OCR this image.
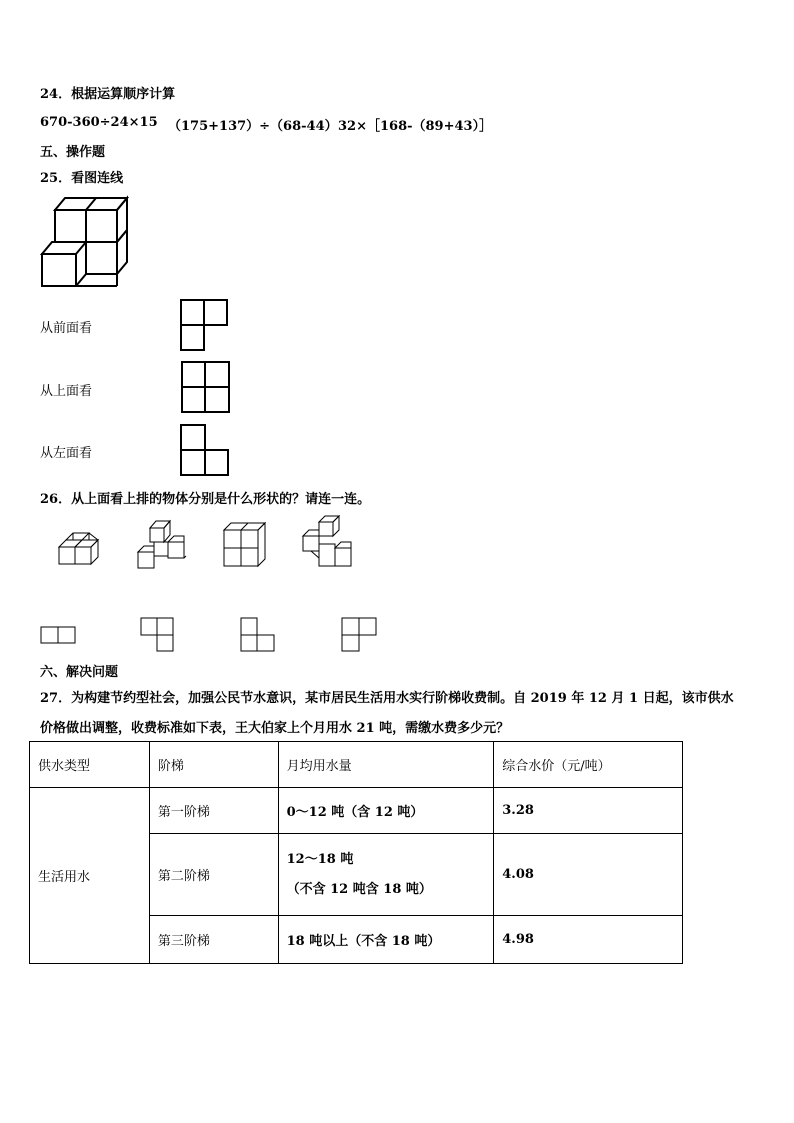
24．根据运算顺序计算
670-360÷24×15 （175+137）÷（68-44） 32×［168-（89+43）］
五、操作题
25．看图连线
从前面看
从上面看
从左面看
26．从上面看上排的物体分别是什么形状的？请连一连。
六、解决问题
27．为构建节约型社会，加强公民节水意识，某市居民生活用水实行阶梯收费制。自 2019 年 12 月 1 日起，该市供水
价格做出调整，收费标准如下表，王大伯家上个月用水 21 吨，需缴水费多少元？
供水类型	阶梯	月均用水量	综合水价（元/吨）
生活用水	第一阶梯	0～12 吨（含 12 吨）	3.28
	第二阶梯	12～18 吨
（不含 12 吨含 18 吨）	4.08
	第三阶梯	18 吨以上（不含 18 吨）	4.98
